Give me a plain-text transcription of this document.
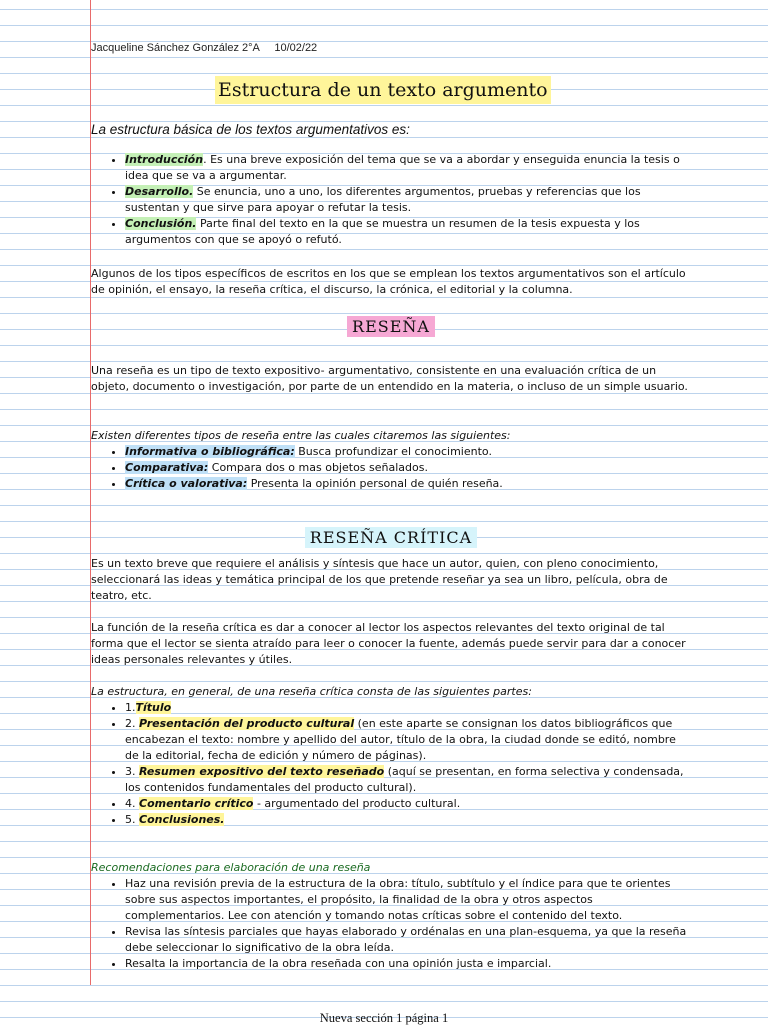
Jacqueline Sánchez González 2°A 10/02/22
Estructura de un texto argumento
La estructura básica de los textos argumentativos es:
• Introducción. Es una breve exposición del tema que se va a abordar y enseguida enuncia la tesis o idea que se va a argumentar.
• Desarrollo. Se enuncia, uno a uno, los diferentes argumentos, pruebas y referencias que los sustentan y que sirve para apoyar o refutar la tesis.
• Conclusión. Parte final del texto en la que se muestra un resumen de la tesis expuesta y los argumentos con que se apoyó o refutó.

Algunos de los tipos específicos de escritos en los que se emplean los textos argumentativos son el artículo de opinión, el ensayo, la reseña crítica, el discurso, la crónica, el editorial y la columna.

RESEÑA

Una reseña es un tipo de texto expositivo- argumentativo, consistente en una evaluación crítica de un objeto, documento o investigación, por parte de un entendido en la materia, o incluso de un simple usuario.

Existen diferentes tipos de reseña entre las cuales citaremos las siguientes:

• Informativa o bibliográfica: Busca profundizar el conocimiento.
• Comparativa: Compara dos o mas objetos señalados.
• Crítica o valorativa: Presenta la opinión personal de quién reseña.
RESEÑA CRÍTICA

Es un texto breve que requiere el análisis y síntesis que hace un autor, quien, con pleno conocimiento, seleccionará las ideas y temática principal de los que pretende reseñar ya sea un libro, película, obra de teatro, etc.

La función de la reseña crítica es dar a conocer al lector los aspectos relevantes del texto original de tal forma que el lector se sienta atraído para leer o conocer la fuente, además puede servir para dar a conocer ideas personales relevantes y útiles.

La estructura, en general, de una reseña crítica consta de las siguientes partes:

• 1.Título
• 2. Presentación del producto cultural (en este aparte se consignan los datos bibliográficos que encabezan el texto: nombre y apellido del autor, título de la obra, la ciudad donde se editó, nombre de la editorial, fecha de edición y número de páginas).
• 3. Resumen expositivo del texto reseñado (aquí se presentan, en forma selectiva y condensada, los contenidos fundamentales del producto cultural).
• 4. Comentario crítico - argumentado del producto cultural.
• 5. Conclusiones.

Recomendaciones para elaboración de una reseña

• Haz una revisión previa de la estructura de la obra: título, subtítulo y el índice para que te orientes sobre sus aspectos importantes, el propósito, la finalidad de la obra y otros aspectos complementarios. Lee con atención y tomando notas críticas sobre el contenido del texto.
• Revisa las síntesis parciales que hayas elaborado y ordénalas en una plan-esquema, ya que la reseña debe seleccionar lo significativo de la obra leída.
• Resalta la importancia de la obra reseñada con una opinión justa e imparcial.
Nueva sección 1 página 1
